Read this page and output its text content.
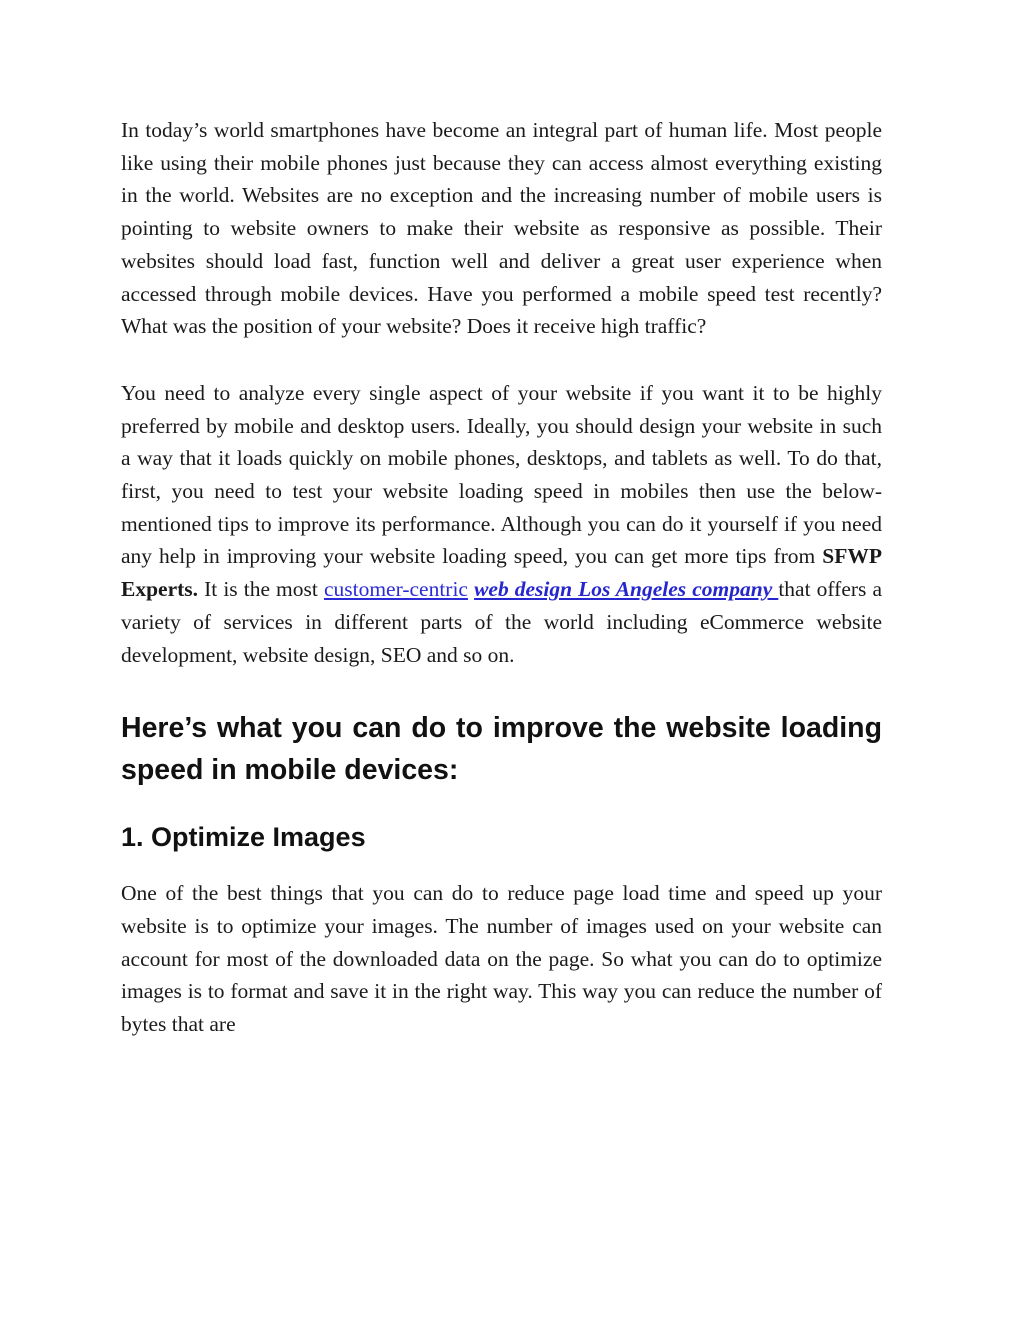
In today’s world smartphones have become an integral part of human life. Most people like using their mobile phones just because they can access almost everything existing in the world. Websites are no exception and the increasing number of mobile users is pointing to website owners to make their website as responsive as possible. Their websites should load fast, function well and deliver a great user experience when accessed through mobile devices. Have you performed a mobile speed test recently? What was the position of your website? Does it receive high traffic?

You need to analyze every single aspect of your website if you want it to be highly preferred by mobile and desktop users. Ideally, you should design your website in such a way that it loads quickly on mobile phones, desktops, and tablets as well. To do that, first, you need to test your website loading speed in mobiles then use the below-mentioned tips to improve its performance. Although you can do it yourself if you need any help in improving your website loading speed, you can get more tips from SFWP Experts. It is the most customer-centric web design Los Angeles company that offers a variety of services in different parts of the world including eCommerce website development, website design, SEO and so on.

Here’s what you can do to improve the website loading speed in mobile devices:
1. Optimize Images

One of the best things that you can do to reduce page load time and speed up your website is to optimize your images. The number of images used on your website can account for most of the downloaded data on the page. So what you can do to optimize images is to format and save it in the right way. This way you can reduce the number of bytes that are
